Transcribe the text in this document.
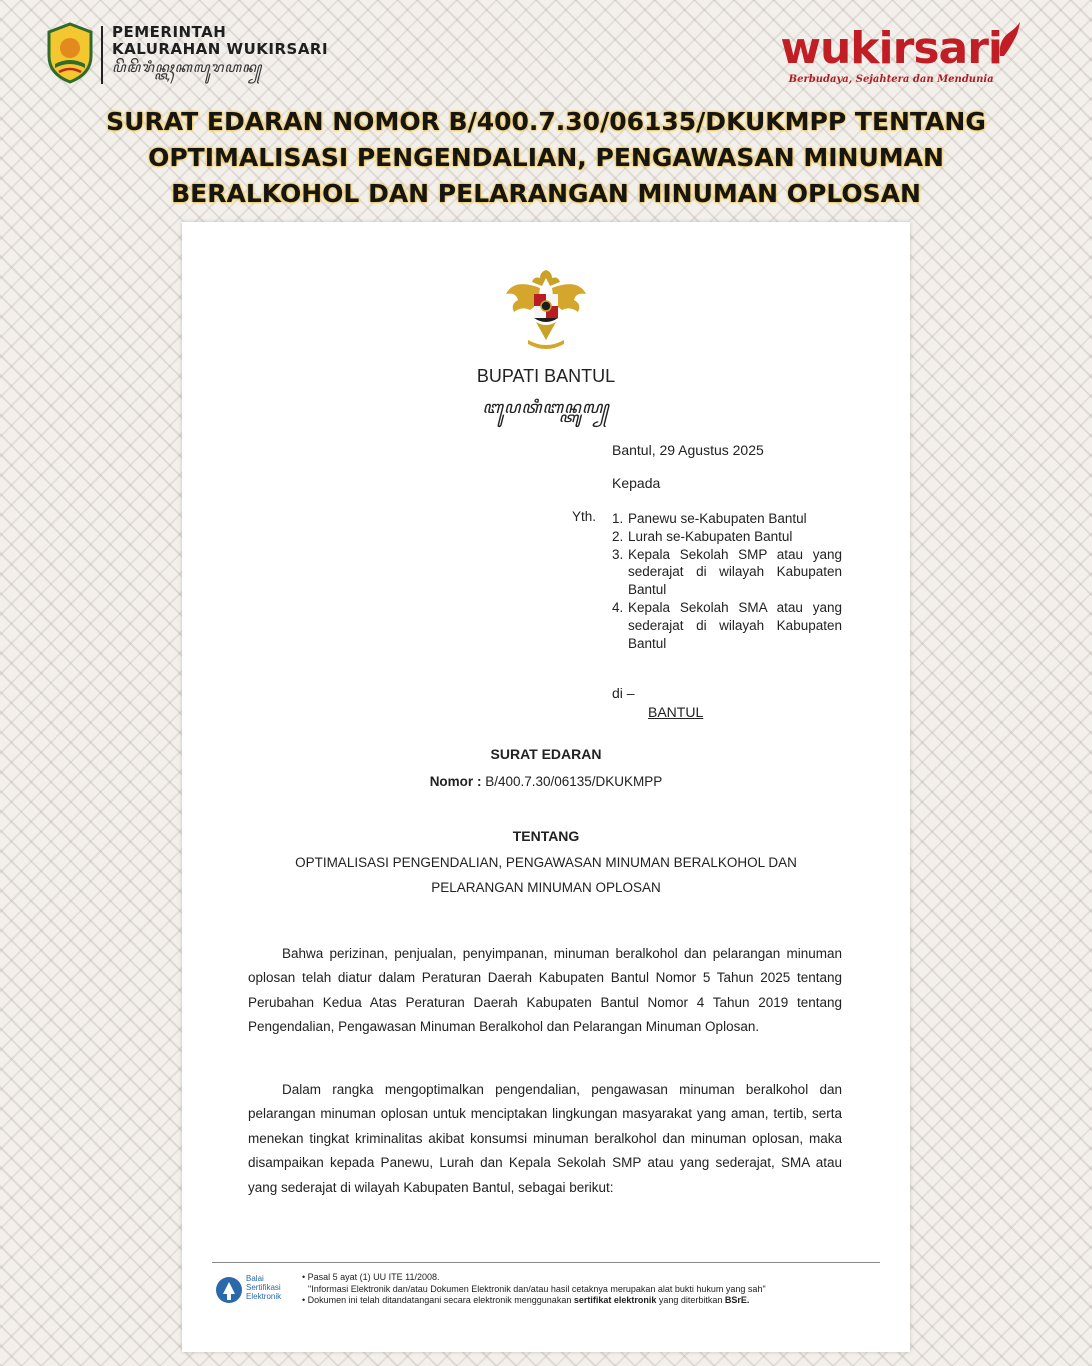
PEMERINTAH
KALURAHAN WUKIRSARI
ꦥꦼꦩꦼꦫꦶꦤ꧀ꦠꦃꦏꦭꦸꦫꦲꦤ꧀	wukirsari
Berbudaya, Sejahtera dan Mendunia
SURAT EDARAN NOMOR B/400.7.30/06135/DKUKMPP TENTANG
OPTIMALISASI PENGENDALIAN, PENGAWASAN MINUMAN
BERALKOHOL DAN PELARANGAN MINUMAN OPLOSAN
BUPATI BANTUL
ꦧꦸꦥꦠꦶꦧꦤ꧀ꦠꦸꦭ꧀
Bantul, 29 Agustus 2025
Kepada
Yth. 1. Panewu se-Kabupaten Bantul
2. Lurah se-Kabupaten Bantul
3. Kepala Sekolah SMP atau yang sederajat di wilayah Kabupaten Bantul
4. Kepala Sekolah SMA atau yang sederajat di wilayah Kabupaten Bantul
di –
BANTUL
SURAT EDARAN
Nomor : B/400.7.30/06135/DKUKMPP
TENTANG
OPTIMALISASI PENGENDALIAN, PENGAWASAN MINUMAN BERALKOHOL DAN
PELARANGAN MINUMAN OPLOSAN

Bahwa perizinan, penjualan, penyimpanan, minuman beralkohol dan pelarangan minuman oplosan telah diatur dalam Peraturan Daerah Kabupaten Bantul Nomor 5 Tahun 2025 tentang Perubahan Kedua Atas Peraturan Daerah Kabupaten Bantul Nomor 4 Tahun 2019 tentang Pengendalian, Pengawasan Minuman Beralkohol dan Pelarangan Minuman Oplosan.

Dalam rangka mengoptimalkan pengendalian, pengawasan minuman beralkohol dan pelarangan minuman oplosan untuk menciptakan lingkungan masyarakat yang aman, tertib, serta menekan tingkat kriminalitas akibat konsumsi minuman beralkohol dan minuman oplosan, maka disampaikan kepada Panewu, Lurah dan Kepala Sekolah SMP atau yang sederajat, SMA atau yang sederajat di wilayah Kabupaten Bantul, sebagai berikut:

Balai
Sertifikasi
Elektronik
• Pasal 5 ayat (1) UU ITE 11/2008.
"Informasi Elektronik dan/atau Dokumen Elektronik dan/atau hasil cetaknya merupakan alat bukti hukum yang sah"
• Dokumen ini telah ditandatangani secara elektronik menggunakan sertifikat elektronik yang diterbitkan BSrE.
